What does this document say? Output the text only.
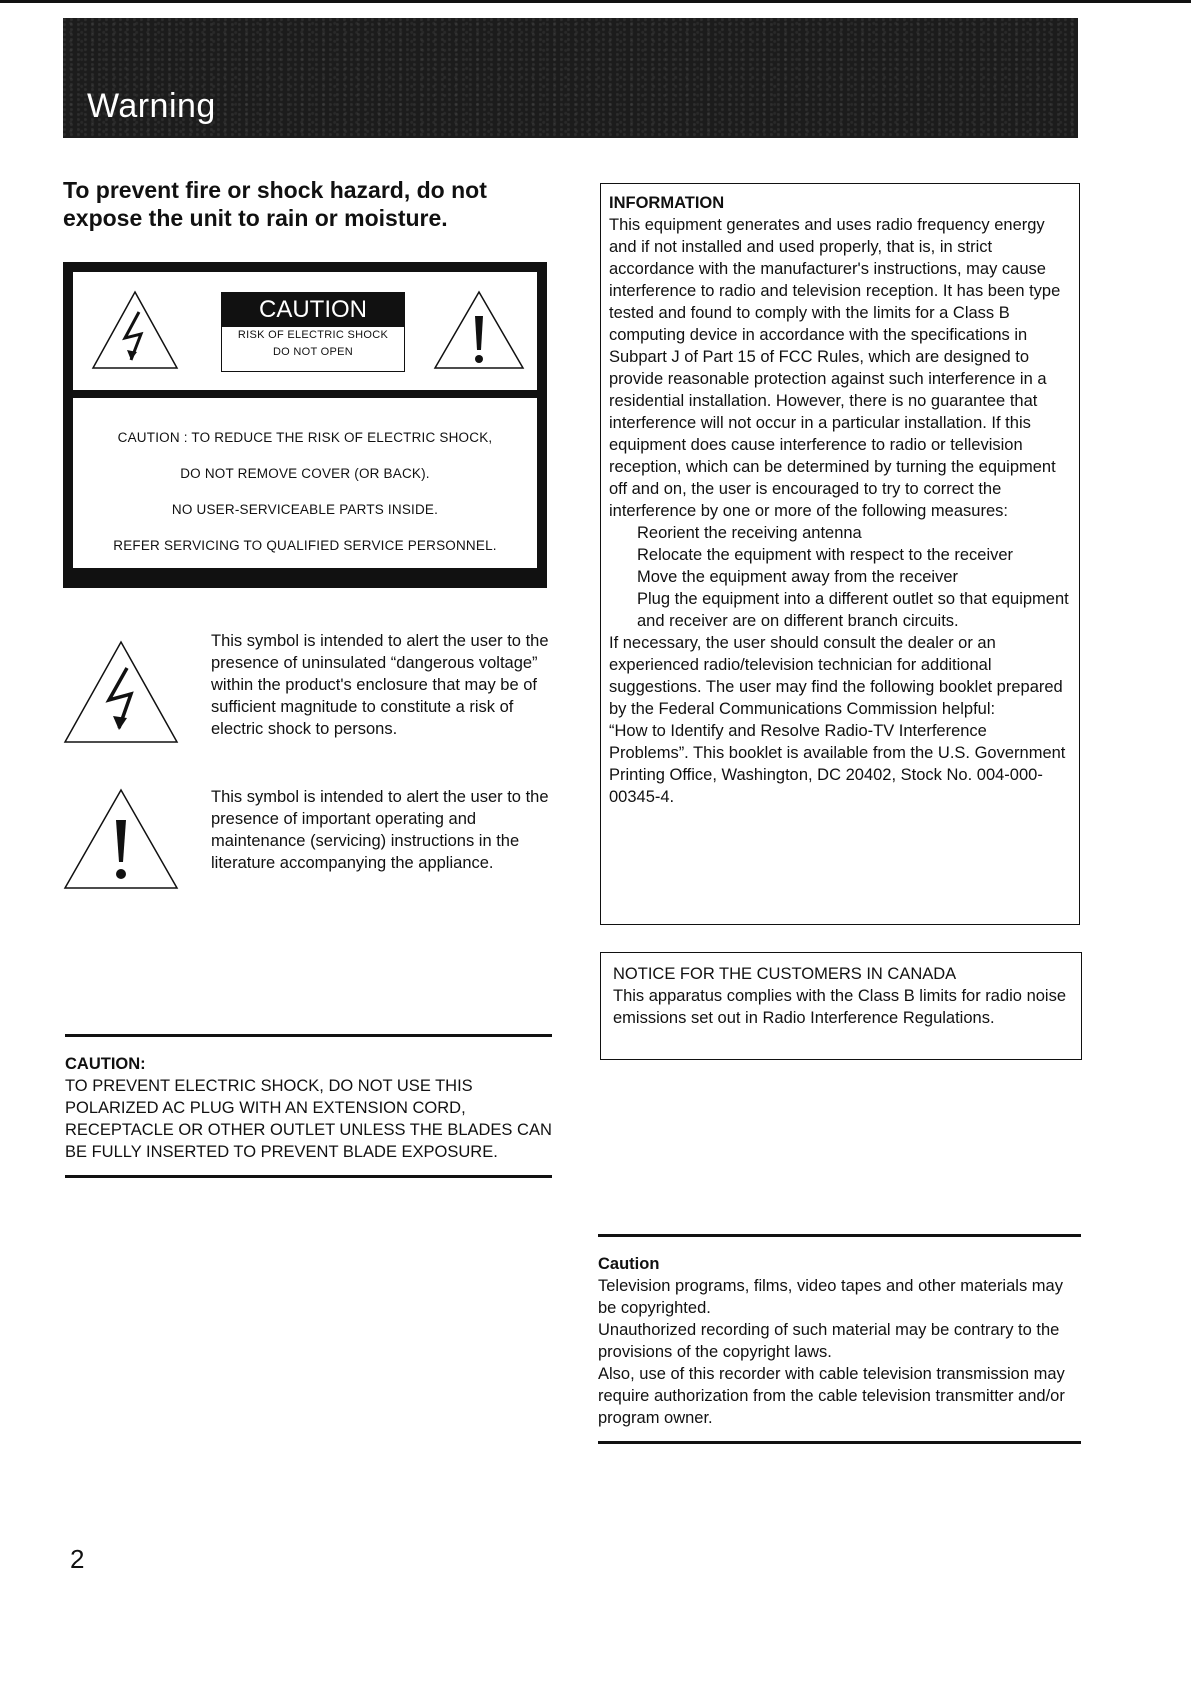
Warning
To prevent fire or shock hazard, do not expose the unit to rain or moisture.
CAUTION
RISK OF ELECTRIC SHOCK
DO NOT OPEN
CAUTION : TO REDUCE THE RISK OF ELECTRIC SHOCK,
DO NOT REMOVE COVER (OR BACK).
NO USER-SERVICEABLE PARTS INSIDE.
REFER SERVICING TO QUALIFIED SERVICE PERSONNEL.
This symbol is intended to alert the user to the presence of uninsulated “dangerous voltage” within the product's enclosure that may be of sufficient magnitude to constitute a risk of electric shock to persons.
This symbol is intended to alert the user to the presence of important operating and maintenance (servicing) instructions in the literature accompanying the appliance.
CAUTION:
TO PREVENT ELECTRIC SHOCK, DO NOT USE THIS POLARIZED AC PLUG WITH AN EXTENSION CORD, RECEPTACLE OR OTHER OUTLET UNLESS THE BLADES CAN BE FULLY INSERTED TO PREVENT BLADE EXPOSURE.
INFORMATION
This equipment generates and uses radio frequency energy and if not installed and used properly, that is, in strict accordance with the manufacturer's instructions, may cause interference to radio and television reception. It has been type tested and found to comply with the limits for a Class B computing device in accordance with the specifications in Subpart J of Part 15 of FCC Rules, which are designed to provide reasonable protection against such interference in a residential installation. However, there is no guarantee that interference will not occur in a particular installation. If this equipment does cause interference to radio or tellevision reception, which can be determined by turning the equipment off and on, the user is encouraged to try to correct the interference by one or more of the following measures:
Reorient the receiving antenna
Relocate the equipment with respect to the receiver
Move the equipment away from the receiver
Plug the equipment into a different outlet so that equipment and receiver are on different branch circuits.
If necessary, the user should consult the dealer or an experienced radio/television technician for additional suggestions. The user may find the following booklet prepared by the Federal Communications Commission helpful:
“How to Identify and Resolve Radio-TV Interference Problems”. This booklet is available from the U.S. Government Printing Office, Washington, DC 20402, Stock No. 004-000-00345-4.
NOTICE FOR THE CUSTOMERS IN CANADA
This apparatus complies with the Class B limits for radio noise emissions set out in Radio Interference Regulations.
Caution
Television programs, films, video tapes and other materials may be copyrighted.
Unauthorized recording of such material may be contrary to the provisions of the copyright laws.
Also, use of this recorder with cable television transmission may require authorization from the cable television transmitter and/or program owner.
2
